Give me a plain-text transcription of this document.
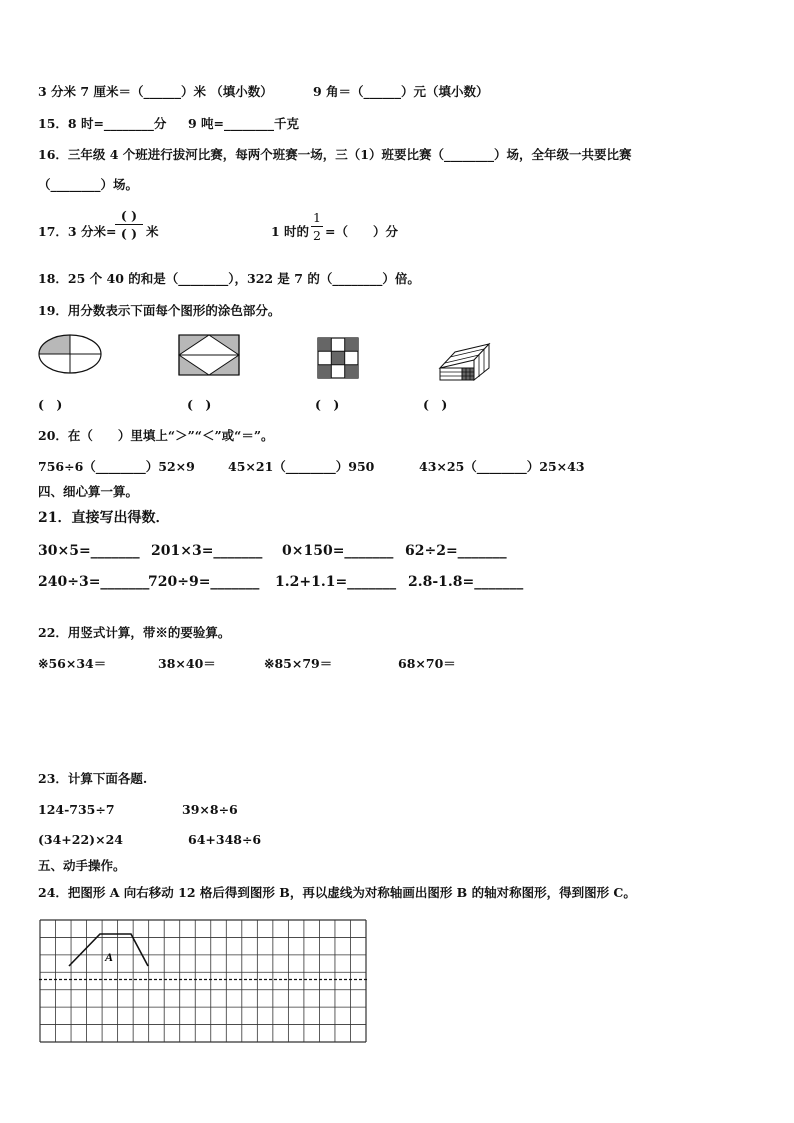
3 分米 7 厘米＝（______）米 （填小数）	9 角＝（______）元（填小数）
15．8 时=________分 9 吨=________千克
16．三年级 4 个班进行拔河比赛，每两个班赛一场，三（1）班要比赛（________）场，全年级一共要比赛
（________）场。
17．3 分米=
( )
( ) 米	1 时的
1
2 =（　　）分
18．25 个 40 的和是（________），322 是 7 的（________）倍。
19．用分数表示下面每个图形的涂色部分。
(　)	(　)	(　)	(　)
20．在（　　）里填上“＞”“＜”或“＝”。
756÷6（________）52×9	45×21（________）950	43×25（________）25×43
四、细心算一算。
21．直接写出得数．
30×5=_______ 201×3=_______ 0×150=_______ 62÷2=_______
240÷3=_______
720÷9=_______ 1.2+1.1=_______ 2.8-1.8=_______
22．用竖式计算，带※的要验算。
※56×34＝	38×40＝	※85×79＝	68×70＝
23．计算下面各题.
124-735÷7	39×8÷6
(34+22)×24	64+348÷6
五、动手操作。
24．把图形 A 向右移动 12 格后得到图形 B，再以虚线为对称轴画出图形 B 的轴对称图形，得到图形 C。
A
